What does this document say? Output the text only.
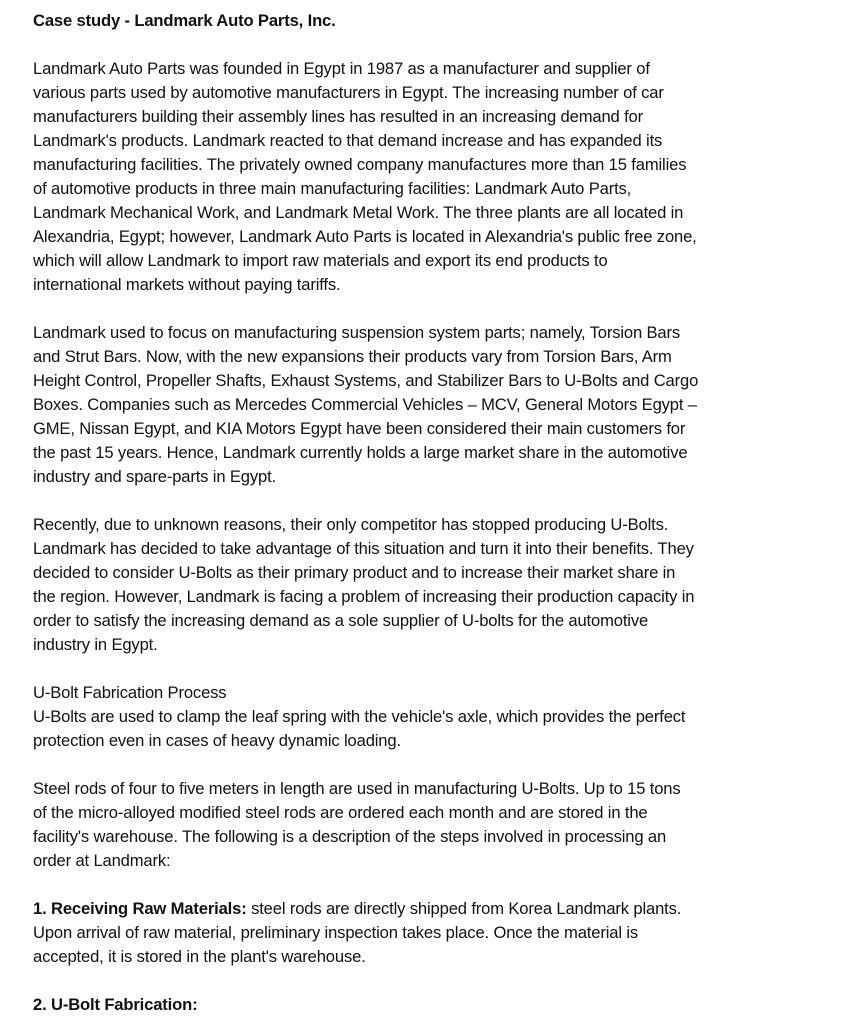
Case study - Landmark Auto Parts, Inc.
Landmark Auto Parts was founded in Egypt in 1987 as a manufacturer and supplier of
various parts used by automotive manufacturers in Egypt. The increasing number of car
manufacturers building their assembly lines has resulted in an increasing demand for
Landmark's products. Landmark reacted to that demand increase and has expanded its
manufacturing facilities. The privately owned company manufactures more than 15 families
of automotive products in three main manufacturing facilities: Landmark Auto Parts,
Landmark Mechanical Work, and Landmark Metal Work. The three plants are all located in
Alexandria, Egypt; however, Landmark Auto Parts is located in Alexandria's public free zone,
which will allow Landmark to import raw materials and export its end products to
international markets without paying tariffs.
Landmark used to focus on manufacturing suspension system parts; namely, Torsion Bars
and Strut Bars. Now, with the new expansions their products vary from Torsion Bars, Arm
Height Control, Propeller Shafts, Exhaust Systems, and Stabilizer Bars to U-Bolts and Cargo
Boxes. Companies such as Mercedes Commercial Vehicles – MCV, General Motors Egypt –
GME, Nissan Egypt, and KIA Motors Egypt have been considered their main customers for
the past 15 years. Hence, Landmark currently holds a large market share in the automotive
industry and spare-parts in Egypt.
Recently, due to unknown reasons, their only competitor has stopped producing U-Bolts.
Landmark has decided to take advantage of this situation and turn it into their benefits. They
decided to consider U-Bolts as their primary product and to increase their market share in
the region. However, Landmark is facing a problem of increasing their production capacity in
order to satisfy the increasing demand as a sole supplier of U-bolts for the automotive
industry in Egypt.
U-Bolt Fabrication Process
U-Bolts are used to clamp the leaf spring with the vehicle's axle, which provides the perfect
protection even in cases of heavy dynamic loading.
Steel rods of four to five meters in length are used in manufacturing U-Bolts. Up to 15 tons
of the micro-alloyed modified steel rods are ordered each month and are stored in the
facility's warehouse. The following is a description of the steps involved in processing an
order at Landmark:
1. Receiving Raw Materials: steel rods are directly shipped from Korea Landmark plants.
Upon arrival of raw material, preliminary inspection takes place. Once the material is
accepted, it is stored in the plant's warehouse.
2. U-Bolt Fabrication:
